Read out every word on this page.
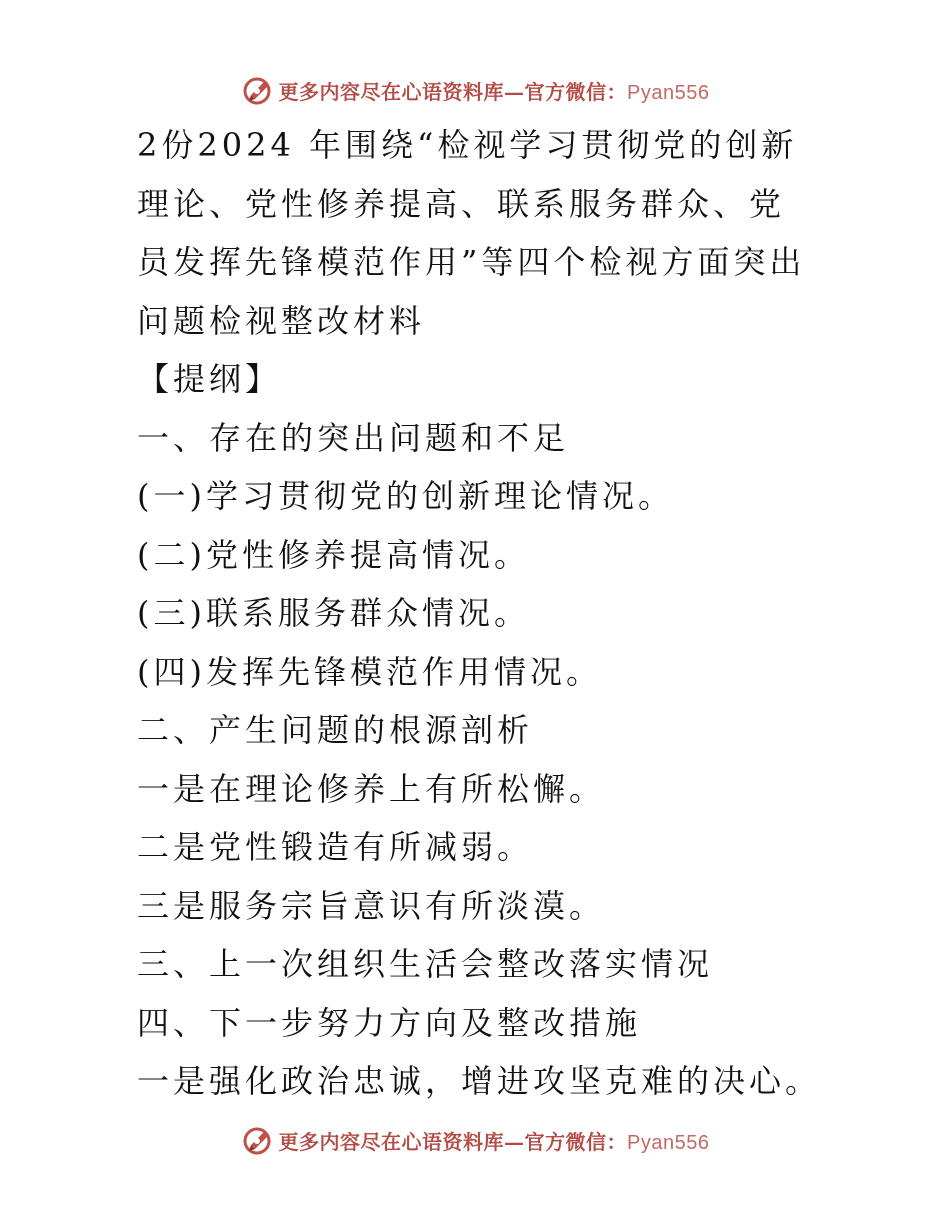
更多内容尽在心语资料库—官方微信：Pyan556
2份2024 年围绕“检视学习贯彻党的创新
理论、党性修养提高、联系服务群众、党
员发挥先锋模范作用”等四个检视方面突出
问题检视整改材料
【提纲】
一、存在的突出问题和不足
(一)学习贯彻党的创新理论情况。
(二)党性修养提高情况。
(三)联系服务群众情况。
(四)发挥先锋模范作用情况。
二、产生问题的根源剖析
一是在理论修养上有所松懈。
二是党性锻造有所减弱。
三是服务宗旨意识有所淡漠。
三、上一次组织生活会整改落实情况
四、下一步努力方向及整改措施
一是强化政治忠诚，增进攻坚克难的决心。
更多内容尽在心语资料库—官方微信：Pyan556
